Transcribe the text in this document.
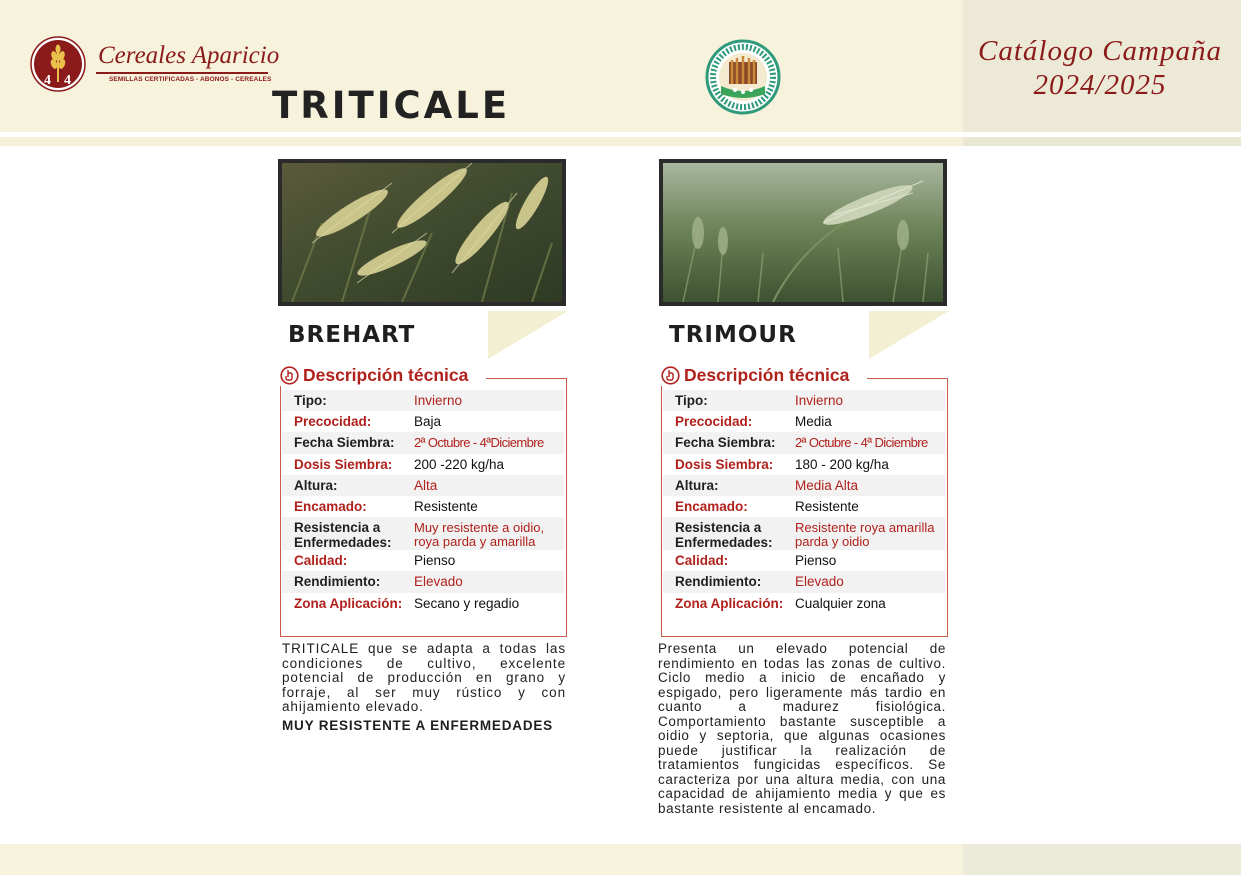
4 4
Cereales Aparicio
SEMILLAS CERTIFICADAS - ABONOS - CEREALES
TRITICALE
Catálogo Campaña
2024/2025
BREHART
Descripción técnica
Tipo:	Invierno
Precocidad:	Baja
Fecha Siembra: 2ª Octubre - 4ªDiciembre
Dosis Siembra: 200 -220 kg/ha
Altura:	Alta
Encamado:	Resistente
Resistencia a
Enfermedades:
Muy resistente a oidio, roya parda y amarilla
Calidad:	Pienso
Rendimiento:	Elevado
Zona Aplicación: Secano y regadio
TRITICALE que se adapta a todas las condiciones de cultivo, excelente potencial de producción en grano y forraje, al ser muy rústico y con ahijamiento elevado.
MUY RESISTENTE A ENFERMEDADES
TRIMOUR
Descripción técnica
Tipo:	Invierno
Precocidad:	Media
Fecha Siembra: 2ª Octubre - 4ª Diciembre
Dosis Siembra: 180 - 200 kg/ha
Altura:	Media Alta
Encamado:	Resistente
Resistencia a
Enfermedades:
Resistente roya amarilla parda y oidio
Calidad:	Pienso
Rendimiento:	Elevado
Zona Aplicación: Cualquier zona
Presenta un elevado potencial de rendimiento en todas las zonas de cultivo. Ciclo medio a inicio de encañado y espigado, pero ligeramente más tardio en cuanto a madurez fisiológica. Comportamiento bastante susceptible a oidio y septoria, que algunas ocasiones puede justificar la realización de tratamientos fungicidas específicos. Se caracteriza por una altura media, con una capacidad de ahijamiento media y que es bastante resistente al encamado.
